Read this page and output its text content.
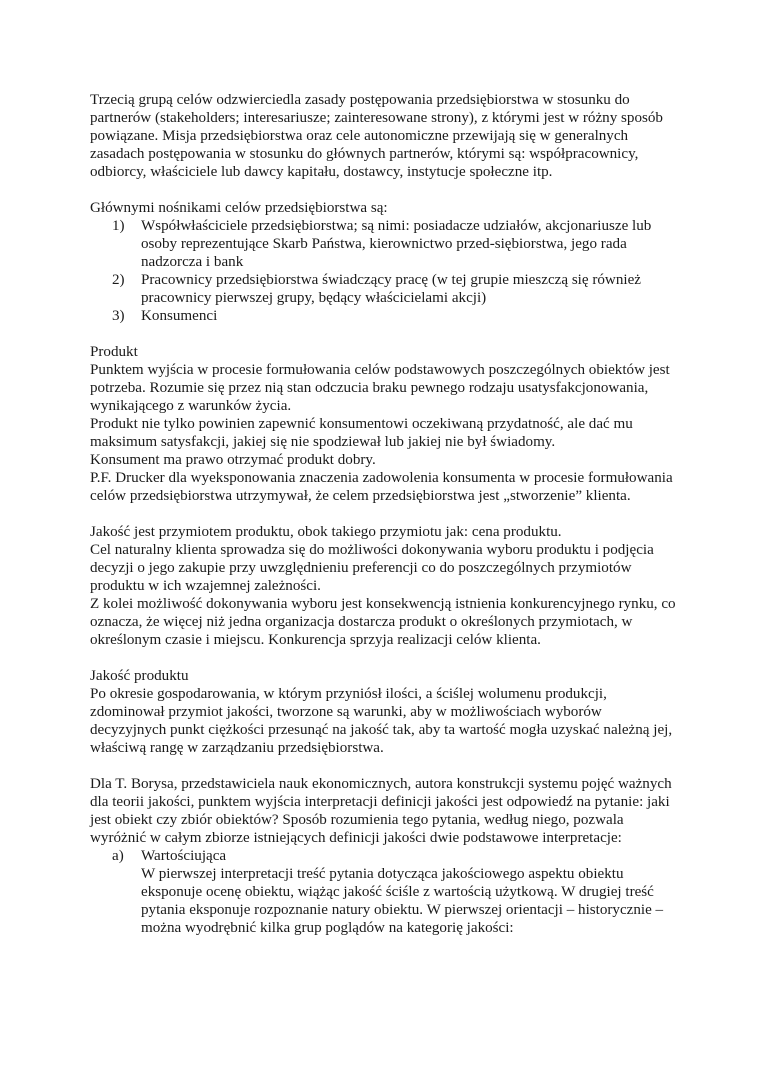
Trzecią grupą celów odzwierciedla zasady postępowania przedsiębiorstwa w stosunku do partnerów (stakeholders; interesariusze; zainteresowane strony), z którymi jest w różny sposób powiązane. Misja przedsiębiorstwa oraz cele autonomiczne przewijają się w generalnych zasadach postępowania w stosunku do głównych partnerów, którymi są: współpracownicy, odbiorcy, właściciele lub dawcy kapitału, dostawcy, instytucje społeczne itp.

Głównymi nośnikami celów przedsiębiorstwa są:

1) Współwłaściciele przedsiębiorstwa; są nimi: posiadacze udziałów, akcjonariusze lub osoby reprezentujące Skarb Państwa, kierownictwo przed-siębiorstwa, jego rada nadzorcza i bank
2) Pracownicy przedsiębiorstwa świadczący pracę (w tej grupie mieszczą się również pracownicy pierwszej grupy, będący właścicielami akcji)
3) Konsumenci

Produkt

Punktem wyjścia w procesie formułowania celów podstawowych poszczególnych obiektów jest potrzeba. Rozumie się przez nią stan odczucia braku pewnego rodzaju usatysfakcjonowania, wynikającego z warunków życia.

Produkt nie tylko powinien zapewnić konsumentowi oczekiwaną przydatność, ale dać mu maksimum satysfakcji, jakiej się nie spodziewał lub jakiej nie był świadomy.

Konsument ma prawo otrzymać produkt dobry.

P.F. Drucker dla wyeksponowania znaczenia zadowolenia konsumenta w procesie formułowania celów przedsiębiorstwa utrzymywał, że celem przedsiębiorstwa jest „stworzenie” klienta.

Jakość jest przymiotem produktu, obok takiego przymiotu jak: cena produktu.

Cel naturalny klienta sprowadza się do możliwości dokonywania wyboru produktu i podjęcia decyzji o jego zakupie przy uwzględnieniu preferencji co do poszczególnych przymiotów produktu w ich wzajemnej zależności.

Z kolei możliwość dokonywania wyboru jest konsekwencją istnienia konkurencyjnego rynku, co oznacza, że więcej niż jedna organizacja dostarcza produkt o określonych przymiotach, w określonym czasie i miejscu. Konkurencja sprzyja realizacji celów klienta.

Jakość produktu

Po okresie gospodarowania, w którym przyniósł ilości, a ściślej wolumenu produkcji, zdominował przymiot jakości, tworzone są warunki, aby w możliwościach wyborów decyzyjnych punkt ciężkości przesunąć na jakość tak, aby ta wartość mogła uzyskać należną jej, właściwą rangę w zarządzaniu przedsiębiorstwa.

Dla T. Borysa, przedstawiciela nauk ekonomicznych, autora konstrukcji systemu pojęć ważnych dla teorii jakości, punktem wyjścia interpretacji definicji jakości jest odpowiedź na pytanie: jaki jest obiekt czy zbiór obiektów? Sposób rozumienia tego pytania, według niego, pozwala wyróżnić w całym zbiorze istniejących definicji jakości dwie podstawowe interpretacje:

a) Wartościująca
W pierwszej interpretacji treść pytania dotycząca jakościowego aspektu obiektu eksponuje ocenę obiektu, wiążąc jakość ściśle z wartością użytkową. W drugiej treść pytania eksponuje rozpoznanie natury obiektu. W pierwszej orientacji – historycznie – można wyodrębnić kilka grup poglądów na kategorię jakości:
